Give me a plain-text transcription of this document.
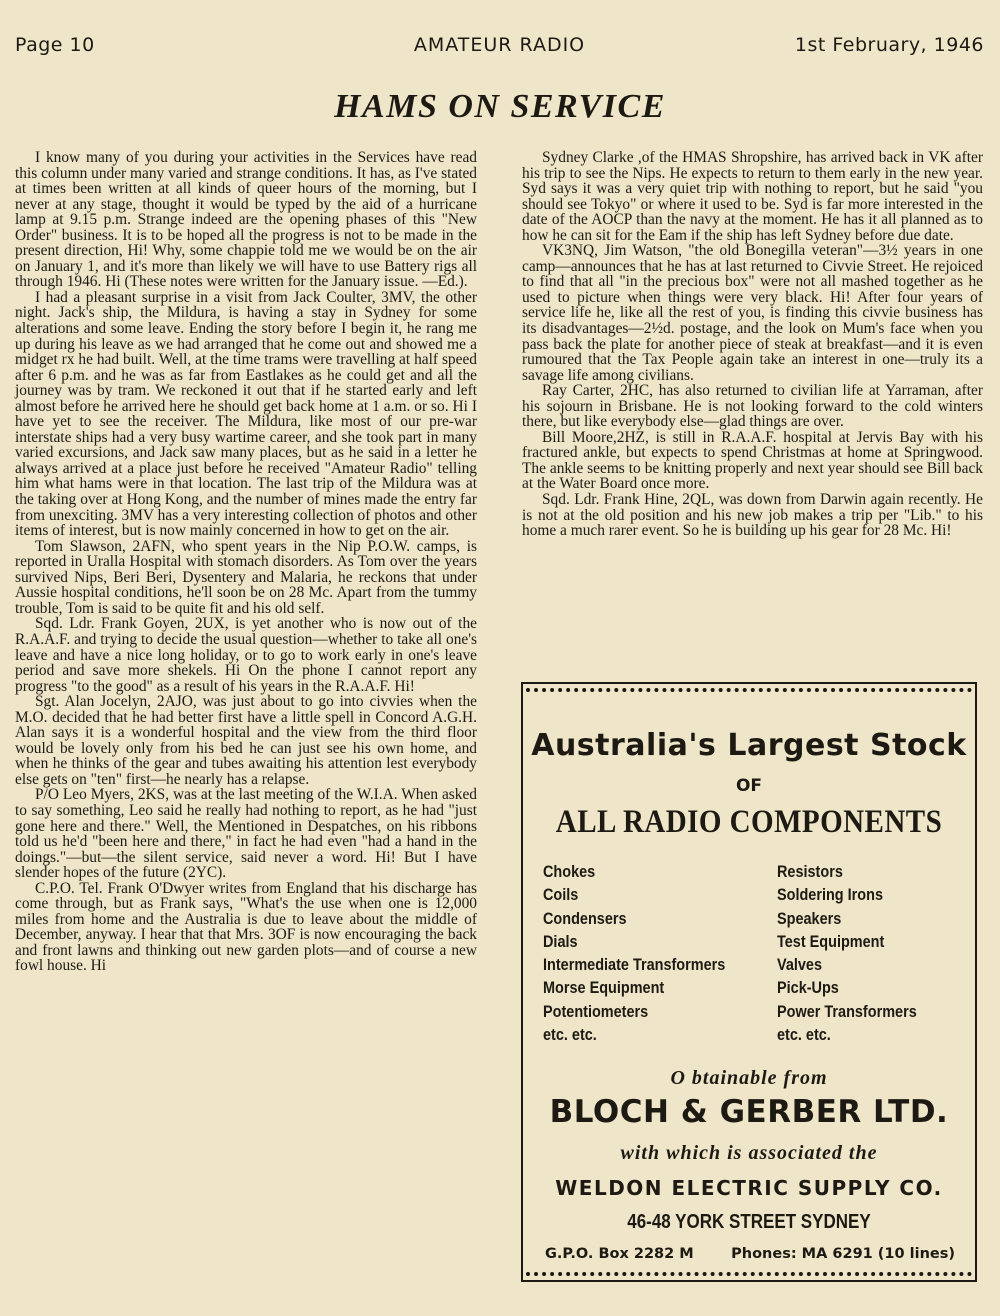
Page 10	AMATEUR RADIO	1st February, 1946
HAMS ON SERVICE

I know many of you during your activities in the Services have read this column under many varied and strange conditions. It has, as I've stated at times been written at all kinds of queer hours of the morning, but I never at any stage, thought it would be typed by the aid of a hurricane lamp at 9.15 p.m. Strange indeed are the opening phases of this "New Order" business. It is to be hoped all the progress is not to be made in the present direction, Hi! Why, some chappie told me we would be on the air on January 1, and it's more than likely we will have to use Battery rigs all through 1946. Hi (These notes were written for the January issue. —Ed.).

I had a pleasant surprise in a visit from Jack Coulter, 3MV, the other night. Jack's ship, the Mildura, is having a stay in Sydney for some alterations and some leave. Ending the story before I begin it, he rang me up during his leave as we had arranged that he come out and showed me a midget rx he had built. Well, at the time trams were travelling at half speed after 6 p.m. and he was as far from Eastlakes as he could get and all the journey was by tram. We reckoned it out that if he started early and left almost before he arrived here he should get back home at 1 a.m. or so. Hi I have yet to see the receiver. The Mildura, like most of our pre-war interstate ships had a very busy wartime career, and she took part in many varied excursions, and Jack saw many places, but as he said in a letter he always arrived at a place just before he received "Amateur Radio" telling him what hams were in that location. The last trip of the Mildura was at the taking over at Hong Kong, and the number of mines made the entry far from unexciting. 3MV has a very interesting collection of photos and other items of interest, but is now mainly concerned in how to get on the air.

Tom Slawson, 2AFN, who spent years in the Nip P.O.W. camps, is reported in Uralla Hospital with stomach disorders. As Tom over the years survived Nips, Beri Beri, Dysentery and Malaria, he reckons that under Aussie hospital conditions, he'll soon be on 28 Mc. Apart from the tummy trouble, Tom is said to be quite fit and his old self.

Sqd. Ldr. Frank Goyen, 2UX, is yet another who is now out of the R.A.A.F. and trying to decide the usual question—whether to take all one's leave and have a nice long holiday, or to go to work early in one's leave period and save more shekels. Hi On the phone I cannot report any progress "to the good" as a result of his years in the R.A.A.F. Hi!

Sgt. Alan Jocelyn, 2AJO, was just about to go into civvies when the M.O. decided that he had better first have a little spell in Concord A.G.H. Alan says it is a wonderful hospital and the view from the third floor would be lovely only from his bed he can just see his own home, and when he thinks of the gear and tubes awaiting his attention lest everybody else gets on "ten" first—he nearly has a relapse.

P/O Leo Myers, 2KS, was at the last meeting of the W.I.A. When asked to say something, Leo said he really had nothing to report, as he had "just gone here and there." Well, the Mentioned in Despatches, on his ribbons told us he'd "been here and there," in fact he had even "had a hand in the doings."—but—the silent service, said never a word. Hi! But I have slender hopes of the future (2YC).

C.P.O. Tel. Frank O'Dwyer writes from England that his discharge has come through, but as Frank says, "What's the use when one is 12,000 miles from home and the Australia is due to leave about the middle of December, anyway. I hear that that Mrs. 3OF is now encouraging the back and front lawns and thinking out new garden plots—and of course a new fowl house. Hi

Sydney Clarke ,of the HMAS Shropshire, has arrived back in VK after his trip to see the Nips. He expects to return to them early in the new year. Syd says it was a very quiet trip with nothing to report, but he said "you should see Tokyo" or where it used to be. Syd is far more interested in the date of the AOCP than the navy at the moment. He has it all planned as to how he can sit for the Eam if the ship has left Sydney before due date.

VK3NQ, Jim Watson, "the old Bonegilla veteran"—3½ years in one camp—announces that he has at last returned to Civvie Street. He rejoiced to find that all "in the precious box" were not all mashed together as he used to picture when things were very black. Hi! After four years of service life he, like all the rest of you, is finding this civvie business has its disadvantages—2½d. postage, and the look on Mum's face when you pass back the plate for another piece of steak at breakfast—and it is even rumoured that the Tax People again take an interest in one—truly its a savage life among civilians.

Ray Carter, 2HC, has also returned to civilian life at Yarraman, after his sojourn in Brisbane. He is not looking forward to the cold winters there, but like everybody else—glad things are over.

Bill Moore,2HZ, is still in R.A.A.F. hospital at Jervis Bay with his fractured ankle, but expects to spend Christmas at home at Springwood. The ankle seems to be knitting properly and next year should see Bill back at the Water Board once more.

Sqd. Ldr. Frank Hine, 2QL, was down from Darwin again recently. He is not at the old position and his new job makes a trip per "Lib." to his home a much rarer event. So he is building up his gear for 28 Mc. Hi!

Australia's Largest Stock
OF
ALL RADIO COMPONENTS
Chokes
Coils
Condensers
Dials
Intermediate Transformers
Morse Equipment
Potentiometers
etc. etc.
Resistors
Soldering Irons
Speakers
Test Equipment
Valves
Pick-Ups
Power Transformers
etc. etc.
O btainable from
BLOCH & GERBER LTD.
with which is associated the
WELDON ELECTRIC SUPPLY CO.
46-48 YORK STREET SYDNEY
G.P.O. Box 2282 M	Phones: MA 6291 (10 lines)
